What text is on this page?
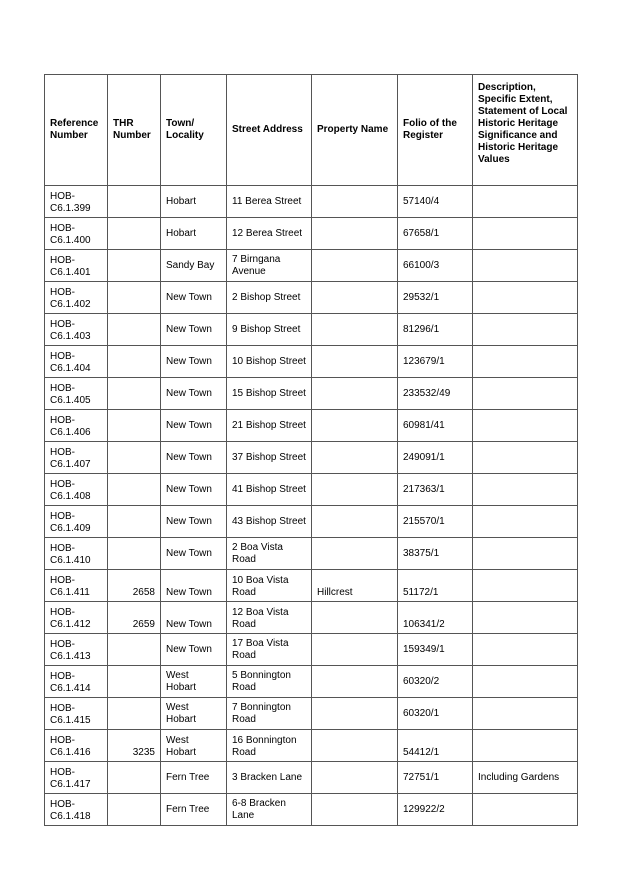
Reference Number	THR Number	Town/ Locality	Street Address	Property Name	Folio of the Register	Description, Specific Extent, Statement of Local Historic Heritage Significance and Historic Heritage Values
HOB-C6.1.399		Hobart	11 Berea Street		57140/4	
HOB-C6.1.400		Hobart	12 Berea Street		67658/1	
HOB-C6.1.401		Sandy Bay	7 Birngana Avenue		66100/3	
HOB-C6.1.402		New Town	2 Bishop Street		29532/1	
HOB-C6.1.403		New Town	9 Bishop Street		81296/1	
HOB-C6.1.404		New Town	10 Bishop Street		123679/1	
HOB-C6.1.405		New Town	15 Bishop Street		233532/49	
HOB-C6.1.406		New Town	21 Bishop Street		60981/41	
HOB-C6.1.407		New Town	37 Bishop Street		249091/1	
HOB-C6.1.408		New Town	41 Bishop Street		217363/1	
HOB-C6.1.409		New Town	43 Bishop Street		215570/1	
HOB-C6.1.410		New Town	2 Boa Vista Road		38375/1	
HOB-C6.1.411	2658	New Town	10 Boa Vista Road	Hillcrest	51172/1	
HOB-C6.1.412	2659	New Town	12 Boa Vista Road		106341/2	
HOB-C6.1.413		New Town	17 Boa Vista Road		159349/1	
HOB-C6.1.414		West Hobart	5 Bonnington Road		60320/2	
HOB-C6.1.415		West Hobart	7 Bonnington Road		60320/1	
HOB-C6.1.416	3235	West Hobart	16 Bonnington Road		54412/1	
HOB-C6.1.417		Fern Tree	3 Bracken Lane		72751/1	Including Gardens
HOB-C6.1.418		Fern Tree	6-8 Bracken Lane		129922/2	
